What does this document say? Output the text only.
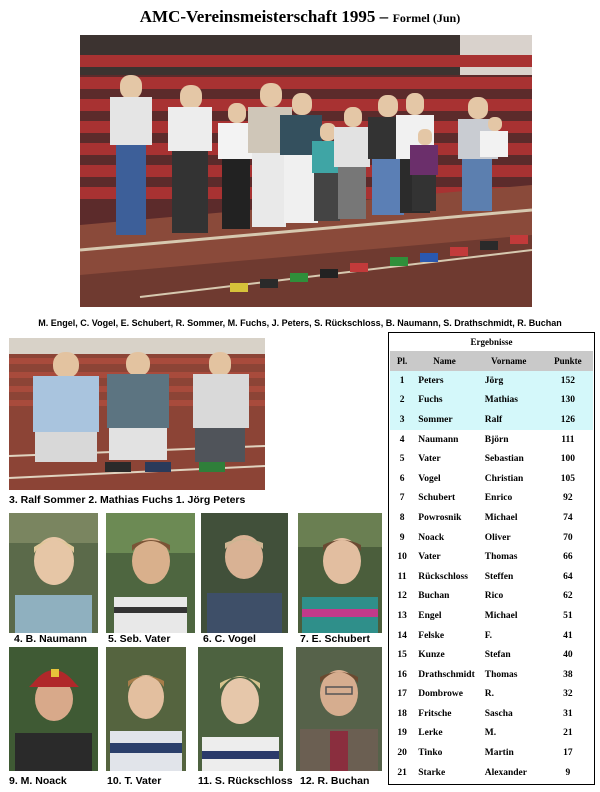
AMC-Vereinsmeisterschaft 1995 – Formel (Jun)
M. Engel, C. Vogel, E. Schubert, R. Sommer, M. Fuchs, J. Peters, S. Rückschloss, B. Naumann, S. Drathschmidt, R. Buchan
3. Ralf Sommer 2. Mathias Fuchs 1. Jörg Peters
4. B. Naumann 5. Seb. Vater	6. C. Vogel	7. E. Schubert
9. M. Noack	10. T. Vater	11. S. Rückschloss 12. R. Buchan
Ergebnisse
Pl.	Name	Vorname	Punkte
1	Peters	Jörg	152
2	Fuchs	Mathias	130
3	Sommer	Ralf	126
4	Naumann	Björn	111
5	Vater	Sebastian	100
6	Vogel	Christian	105
7	Schubert	Enrico	92
8	Powrosnik	Michael	74
9	Noack	Oliver	70
10	Vater	Thomas	66
11	Rückschloss	Steffen	64
12	Buchan	Rico	62
13	Engel	Michael	51
14	Felske	F.	41
15	Kunze	Stefan	40
16	Drathschmidt	Thomas	38
17	Dombrowe	R.	32
18	Fritsche	Sascha	31
19	Lerke	M.	21
20	Tinko	Martin	17
21	Starke	Alexander	9
